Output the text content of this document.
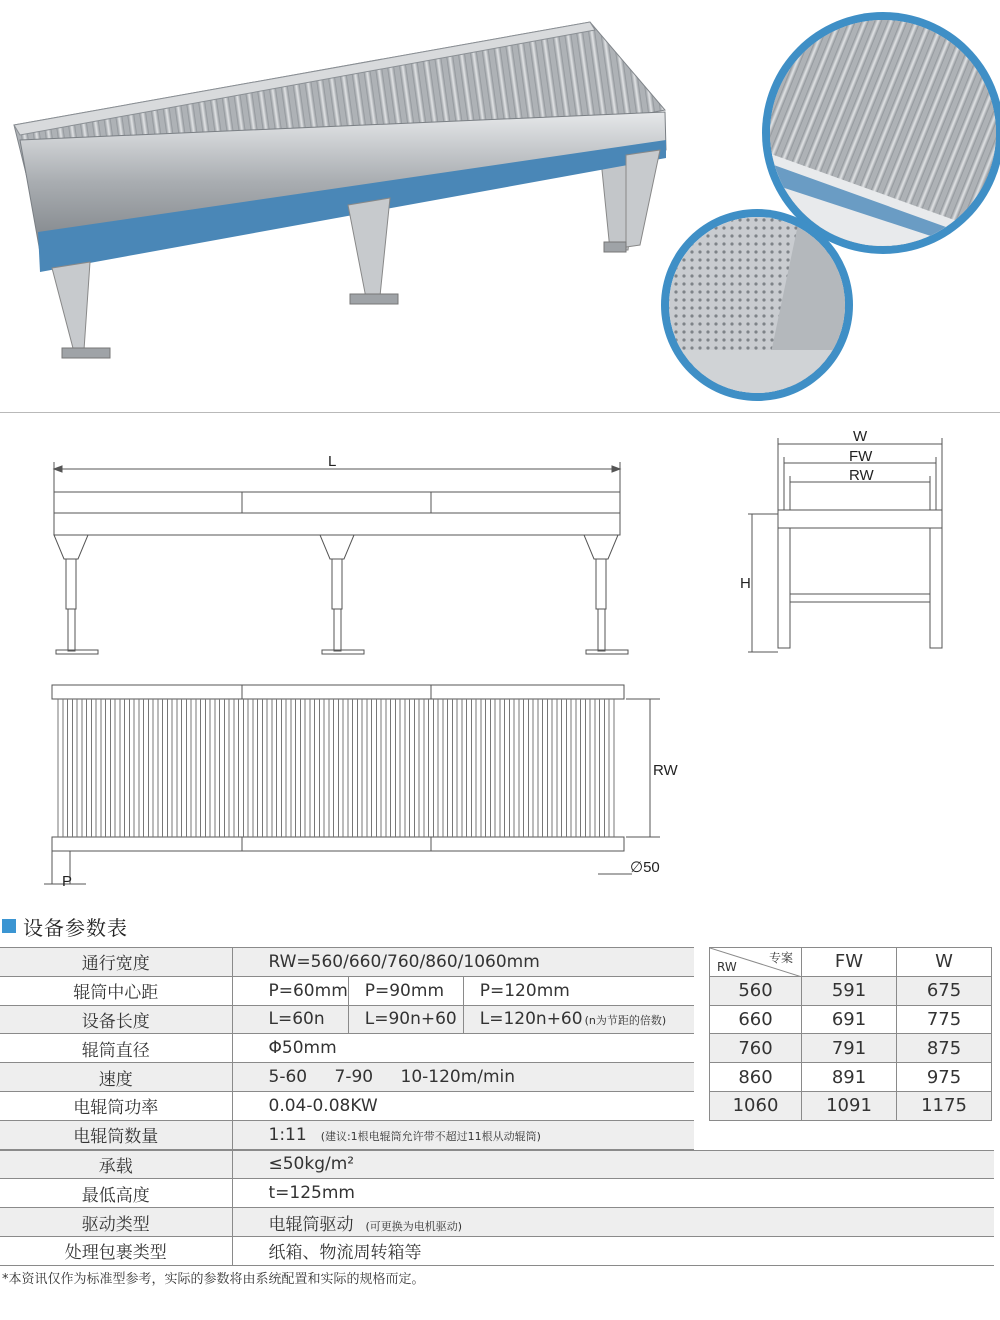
L
W
FW
RW
H
RW
P
∅50
设备参数表
通行宽度	RW=560/660/760/860/1060mm		
辊筒中心距	P=60mm	P=90mm	P=120mm
设备长度	L=60n	L=90n+60	L=120n+60 (n为节距的倍数)
辊筒直径	Φ50mm		
速度	5-60 7-90 10-120m/min		
电辊筒功率	0.04-0.08KW		
电辊筒数量	1:11 (建议:1根电辊筒允许带不超过11根从动辊筒)		
承载	≤50kg/m²
最低高度	t=125mm
驱动类型	电辊筒驱动 (可更换为电机驱动)
处理包裹类型	纸箱、物流周转箱等
专案
RW	FW	W
560	591	675
660	691	775
760	791	875
860	891	975
1060	1091	1175
*本资讯仅作为标准型参考，实际的参数将由系统配置和实际的规格而定。
